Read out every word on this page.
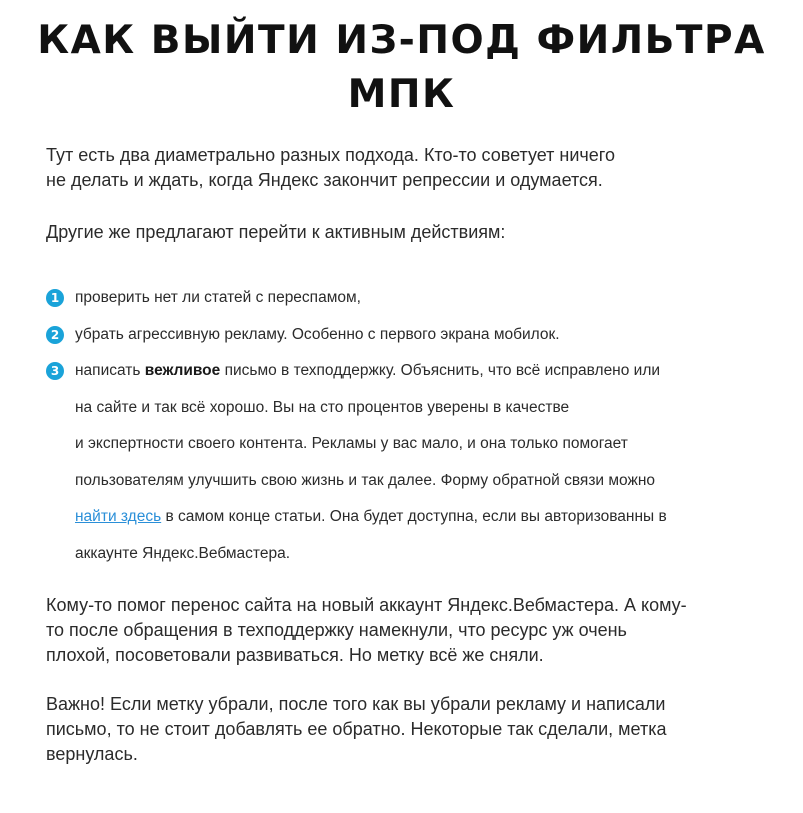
КАК ВЫЙТИ ИЗ-ПОД ФИЛЬТРА
МПК

Тут есть два диаметрально разных подхода. Кто-то советует ничего
не делать и ждать, когда Яндекс закончит репрессии и одумается.

Другие же предлагают перейти к активным действиям:

1	проверить нет ли статей с переспамом,
2	убрать агрессивную рекламу. Особенно с первого экрана мобилок.
3	написать вежливое письмо в техподдержку. Объяснить, что всё исправлено или
на сайте и так всё хорошо. Вы на сто процентов уверены в качестве
и экспертности своего контента. Рекламы у вас мало, и она только помогает
пользователям улучшить свою жизнь и так далее. Форму обратной связи можно
найти здесь в самом конце статьи. Она будет доступна, если вы авторизованны в
аккаунте Яндекс.Вебмастера.

Кому-то помог перенос сайта на новый аккаунт Яндекс.Вебмастера. А кому-
то после обращения в техподдержку намекнули, что ресурс уж очень
плохой, посоветовали развиваться. Но метку всё же сняли.

Важно! Если метку убрали, после того как вы убрали рекламу и написали
письмо, то не стоит добавлять ее обратно. Некоторые так сделали, метка
вернулась.
